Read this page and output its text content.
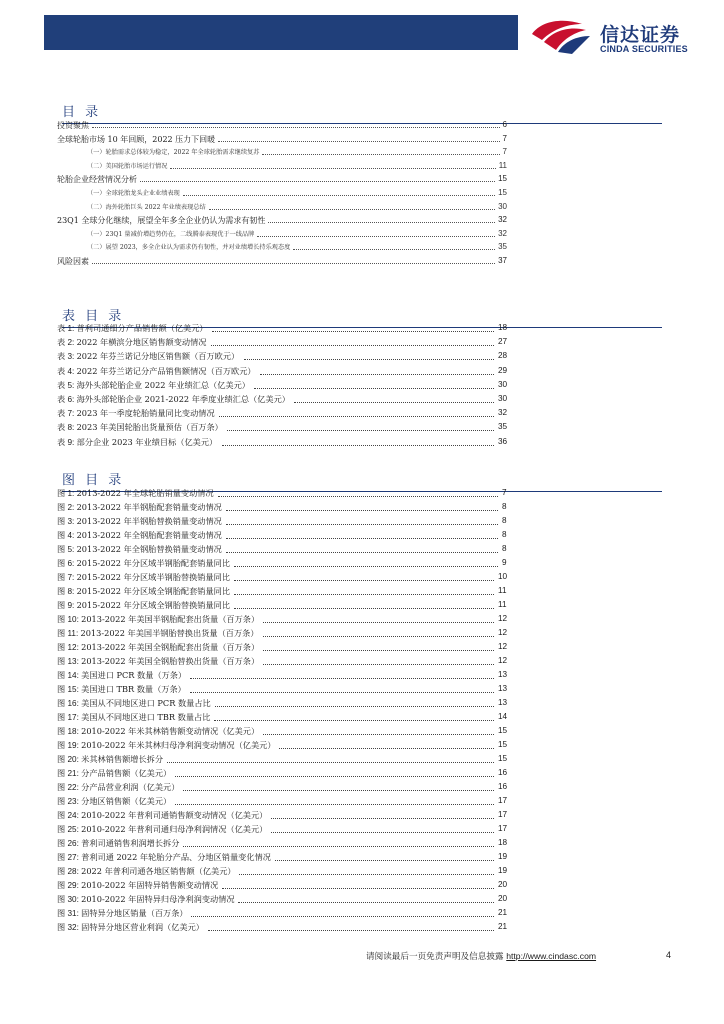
信达证券
CINDA SECURITIES
目 录
投资聚焦	6
全球轮胎市场 10 年回顾，2022 压力下回暖	7
（一）轮胎需求总体较为稳定，2022 年全球轮胎需求继续复苏	7
（二）美国轮胎市场运行情况	11
轮胎企业经营情况分析	15
（一）全球轮胎龙头企业业绩表现	15
（二）海外轮胎巨头 2022 年业绩表现总结	30
23Q1 全球分化继续，展望全年多全企业仍认为需求有韧性	32
（一）23Q1 量减价增趋势仍在，二线腾泰表现优于一线品牌	32
（二）展望 2023，多全企业认为需求仍有韧性，并对业绩增长持乐观态度	35
风险因素	37
表 目 录
表 1: 普利司通细分产品销售额（亿美元）	18
表 2: 2022 年横滨分地区销售额变动情况	27
表 3: 2022 年芬兰诺记分地区销售额（百万欧元）	28
表 4: 2022 年芬兰诺记分产品销售额情况（百万欧元）	29
表 5: 海外头部轮胎企业 2022 年业绩汇总（亿美元）	30
表 6: 海外头部轮胎企业 2021-2022 年季度业绩汇总（亿美元）	30
表 7: 2023 年一季度轮胎销量同比变动情况	32
表 8: 2023 年美国轮胎出货量预估（百万条）	35
表 9: 部分企业 2023 年业绩目标（亿美元）	36
图 目 录
图 1: 2013-2022 年全球轮胎销量变动情况	7
图 2: 2013-2022 年半钢胎配套销量变动情况	8
图 3: 2013-2022 年半钢胎替换销量变动情况	8
图 4: 2013-2022 年全钢胎配套销量变动情况	8
图 5: 2013-2022 年全钢胎替换销量变动情况	8
图 6: 2015-2022 年分区域半钢胎配套销量同比	9
图 7: 2015-2022 年分区域半钢胎替换销量同比	10
图 8: 2015-2022 年分区域全钢胎配套销量同比	11
图 9: 2015-2022 年分区域全钢胎替换销量同比	11
图 10: 2013-2022 年美国半钢胎配套出货量（百万条）	12
图 11: 2013-2022 年美国半钢胎替换出货量（百万条）	12
图 12: 2013-2022 年美国全钢胎配套出货量（百万条）	12
图 13: 2013-2022 年美国全钢胎替换出货量（百万条）	12
图 14: 美国进口 PCR 数量（万条）	13
图 15: 美国进口 TBR 数量（万条）	13
图 16: 美国从不同地区进口 PCR 数量占比	13
图 17: 美国从不同地区进口 TBR 数量占比	14
图 18: 2010-2022 年米其林销售额变动情况（亿美元）	15
图 19: 2010-2022 年米其林归母净利润变动情况（亿美元）	15
图 20: 米其林销售额增长拆分	15
图 21: 分产品销售额（亿美元）	16
图 22: 分产品营业利润（亿美元）	16
图 23: 分地区销售额（亿美元）	17
图 24: 2010-2022 年普利司通销售额变动情况（亿美元）	17
图 25: 2010-2022 年普利司通归母净利润情况（亿美元）	17
图 26: 普利司通销售利润增长拆分	18
图 27: 普利司通 2022 年轮胎分产品、分地区销量变化情况	19
图 28: 2022 年普利司通各地区销售额（亿美元）	19
图 29: 2010-2022 年固特异销售额变动情况	20
图 30: 2010-2022 年固特异归母净利润变动情况	20
图 31: 固特异分地区销量（百万条）	21
图 32: 固特异分地区营业利润（亿美元）	21
请阅读最后一页免责声明及信息披露 http://www.cindasc.com	4
